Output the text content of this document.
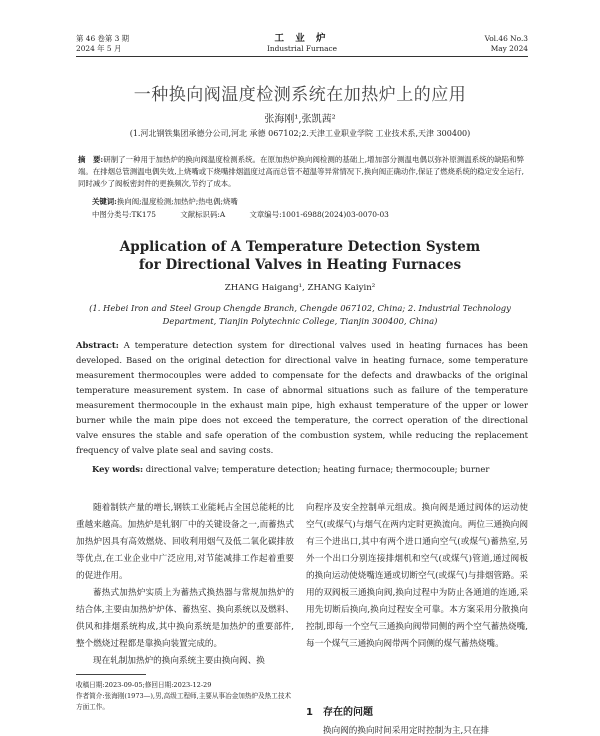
第 46 卷第 3 期
2024 年 5 月
工 业 炉
Industrial Furnace
Vol.46 No.3
May 2024
一种换向阀温度检测系统在加热炉上的应用
张海刚¹,张凯茜²
(1.河北钢铁集团承德分公司,河北 承德 067102;2.天津工业职业学院 工业技术系,天津 300400)
摘　要:研制了一种用于加热炉的换向阀温度检测系统。在原加热炉换向阀检测的基础上,增加部分测温电偶以弥补原测温系统的缺陷和弊端。在排烟总管测温电偶失效,上烧嘴或下烧嘴排烟温度过高而总管不超温等异常情况下,换向阀正确动作,保证了燃烧系统的稳定安全运行,同时减少了阀板密封件的更换频次,节约了成本。
关键词:换向阀;温度检测;加热炉;热电偶;烧嘴
中图分类号:TK175	文献标识码:A	文章编号:1001-6988(2024)03-0070-03
Application of A Temperature Detection System
for Directional Valves in Heating Furnaces
ZHANG Haigang¹, ZHANG Kaiyin²
(1. Hebei Iron and Steel Group Chengde Branch, Chengde 067102, China; 2. Industrial Technology
Department, Tianjin Polytechnic College, Tianjin 300400, China)
Abstract: A temperature detection system for directional valves used in heating furnaces has been developed. Based on the original detection for directional valve in heating furnace, some temperature measurement thermocouples were added to compensate for the defects and drawbacks of the original temperature measurement system. In case of abnormal situations such as failure of the temperature measurement thermocouple in the exhaust main pipe, high exhaust temperature of the upper or lower burner while the main pipe does not exceed the temperature, the correct operation of the directional valve ensures the stable and safe operation of the combustion system, while reducing the replacement frequency of valve plate seal and saving costs.
Key words: directional valve; temperature detection; heating furnace; thermocouple; burner

随着制铁产量的增长,钢铁工业能耗占全国总能耗的比重越来越高。加热炉是轧钢厂中的关键设备之一,而蓄热式加热炉因具有高效燃烧、回收利用烟气及低二氧化碳排放等优点,在工业企业中广泛应用,对节能减排工作起着重要的促进作用。

蓄热式加热炉实质上为蓄热式换热器与常规加热炉的结合体,主要由加热炉炉体、蓄热室、换向系统以及燃料、供风和排烟系统构成,其中换向系统是加热炉的重要部件,整个燃烧过程都是靠换向装置完成的。

现在轧制加热炉的换向系统主要由换向阀、换

向程序及安全控制单元组成。换向阀是通过阀体的运动使空气(或煤气)与烟气在两内定时更换流向。两位三通换向阀有三个进出口,其中有两个进口通向空气(或煤气)蓄热室,另外一个出口分别连接排烟机和空气(或煤气)管道,通过阀板的换向运动使烧嘴连通或切断空气(或煤气)与排烟管路。采用的双阀板三通换向阀,换向过程中为防止各通道的连通,采用先切断后换向,换向过程安全可靠。本方案采用分散换向控制,即每一个空气三通换向阀带同侧的两个空气蓄热烧嘴,每一个煤气三通换向阀带两个同侧的煤气蓄热烧嘴。

收稿日期:2023-09-05;修回日期:2023-12-29
作者简介:张海刚(1973—),男,高级工程师,主要从事冶金加热炉及热工技术方面工作。	1 存在的问题
换向阀的换向时间采用定时控制为主,只在排
